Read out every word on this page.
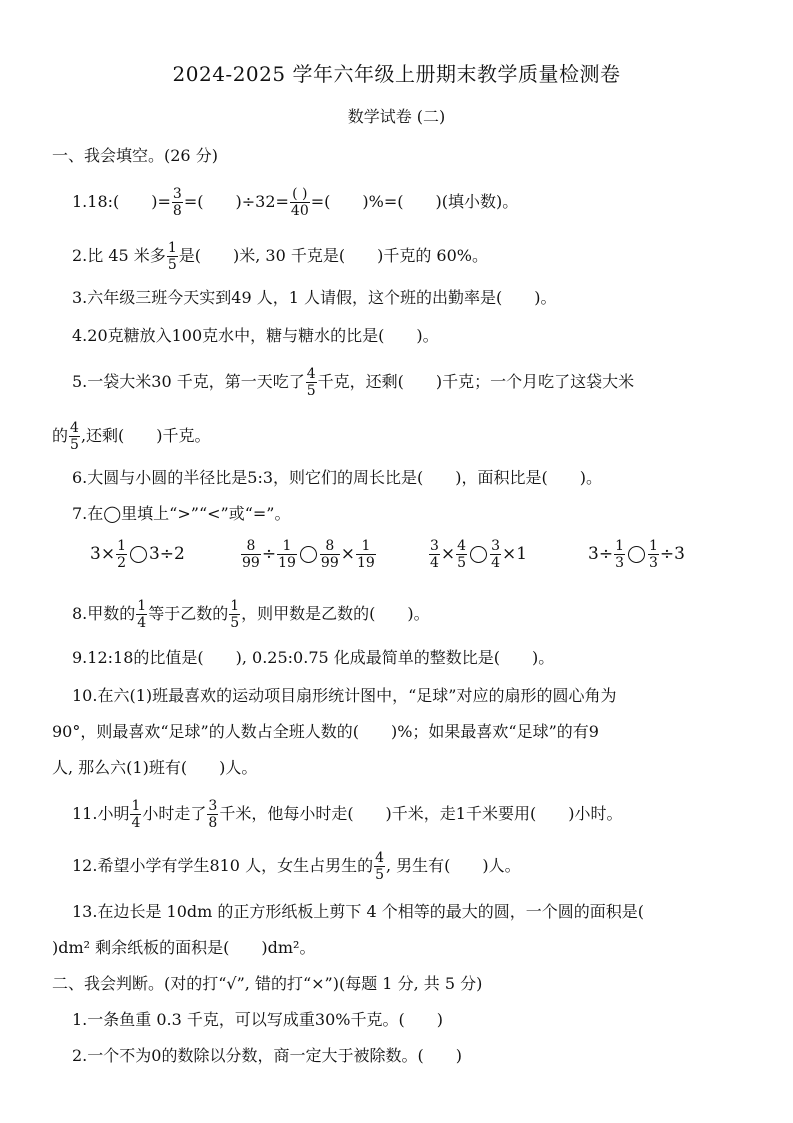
2024-2025 学年六年级上册期末教学质量检测卷
数学试卷 (二)
一、我会填空。(26 分)
1.18:(　　)= $\frac{3}{8}$ =(　　)$\div 32= \frac{( )}{40}$ =(　　)%=(　　)(填小数)。
2.比 45 米多 $\frac{1}{5}$ 是(　　)米, 30 千克是(　　)千克的 60%。
3.六年级三班今天实到49 人，1 人请假，这个班的出勤率是(　　)。
4.20克糖放入100克水中，糖与糖水的比是(　　)。
5.一袋大米30 千克，第一天吃了 $\frac{4}{5}$ 千克，还剩(　　)千克；一个月吃了这袋大米
的 $\frac{4}{5}$ ,还剩(　　)千克。
6.大圆与小圆的半径比是5:3，则它们的周长比是(　　)，面积比是(　　)。
7.在◯里填上“>”“<”或“=”。
$3\times \frac{1}{2} 3\div 2$	$\frac{8}{99} \div \frac{1}{19} \frac{8}{99} \times \frac{1}{19}$	$\frac{3}{4} \times \frac{4}{5} \frac{3}{4} \times 1$	$3\div \frac{1}{3} \frac{1}{3} \div 3$
8.甲数的 $\frac{1}{4}$ 等于乙数的 $\frac{1}{5}$ ，则甲数是乙数的(　　)。
9.12:18的比值是(　　), 0.25:0.75 化成最简单的整数比是(　　)。
10.在六(1)班最喜欢的运动项目扇形统计图中，“足球”对应的扇形的圆心角为
90°，则最喜欢“足球”的人数占全班人数的(　　)%；如果最喜欢“足球”的有9
人, 那么六(1)班有(　　)人。
11.小明 $\frac{1}{4}$ 小时走了 $\frac{3}{8}$ 千米，他每小时走(　　)千米，走1千米要用(　　)小时。
12.希望小学有学生810 人，女生占男生的 $\frac{4}{5}$ , 男生有(　　)人。
13.在边长是 10dm 的正方形纸板上剪下 4 个相等的最大的圆，一个圆的面积是(
)dm² 剩余纸板的面积是(　　)dm²。
二、我会判断。(对的打“√”, 错的打“×”)(每题 1 分, 共 5 分)
1.一条鱼重 0.3 千克，可以写成重30%千克。(　　)
2.一个不为0的数除以分数，商一定大于被除数。(　　)
